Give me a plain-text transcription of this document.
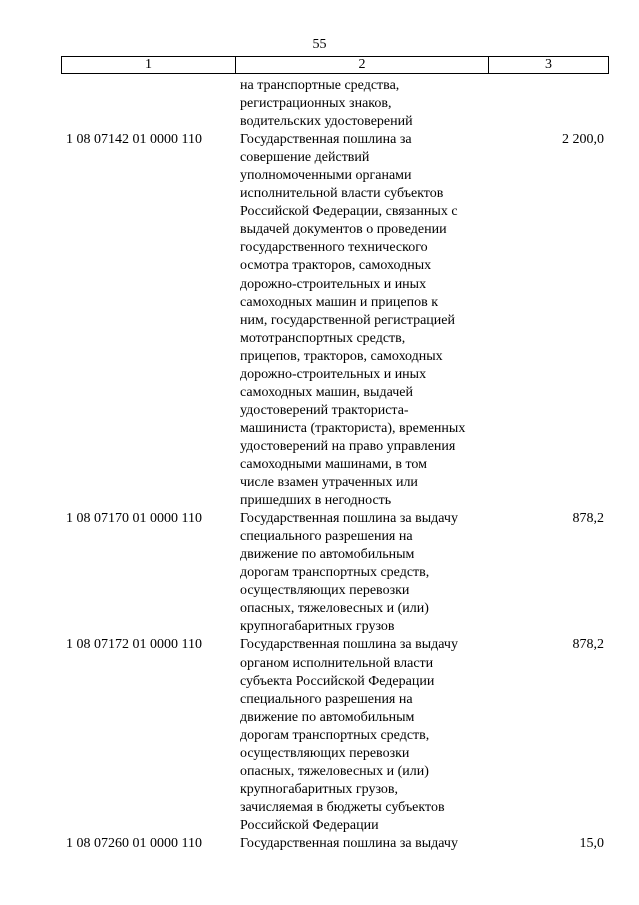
55
1	2	3
на транспортные средства,
регистрационных знаков,
водительских удостоверений
1 08 07142 01 0000 110	Государственная пошлина за
совершение действий
уполномоченными органами
исполнительной власти субъектов
Российской Федерации, связанных с
выдачей документов о проведении
государственного технического
осмотра тракторов, самоходных
дорожно-строительных и иных
самоходных машин и прицепов к
ним, государственной регистрацией
мототранспортных средств,
прицепов, тракторов, самоходных
дорожно-строительных и иных
самоходных машин, выдачей
удостоверений тракториста-
машиниста (тракториста), временных
удостоверений на право управления
самоходными машинами, в том
числе взамен утраченных или
пришедших в негодность
2 200,0
1 08 07170 01 0000 110	Государственная пошлина за выдачу
специального разрешения на
движение по автомобильным
дорогам транспортных средств,
осуществляющих перевозки
опасных, тяжеловесных и (или)
крупногабаритных грузов
878,2
1 08 07172 01 0000 110	Государственная пошлина за выдачу
органом исполнительной власти
субъекта Российской Федерации
специального разрешения на
движение по автомобильным
дорогам транспортных средств,
осуществляющих перевозки
опасных, тяжеловесных и (или)
крупногабаритных грузов,
зачисляемая в бюджеты субъектов
Российской Федерации
878,2
1 08 07260 01 0000 110	Государственная пошлина за выдачу	15,0
